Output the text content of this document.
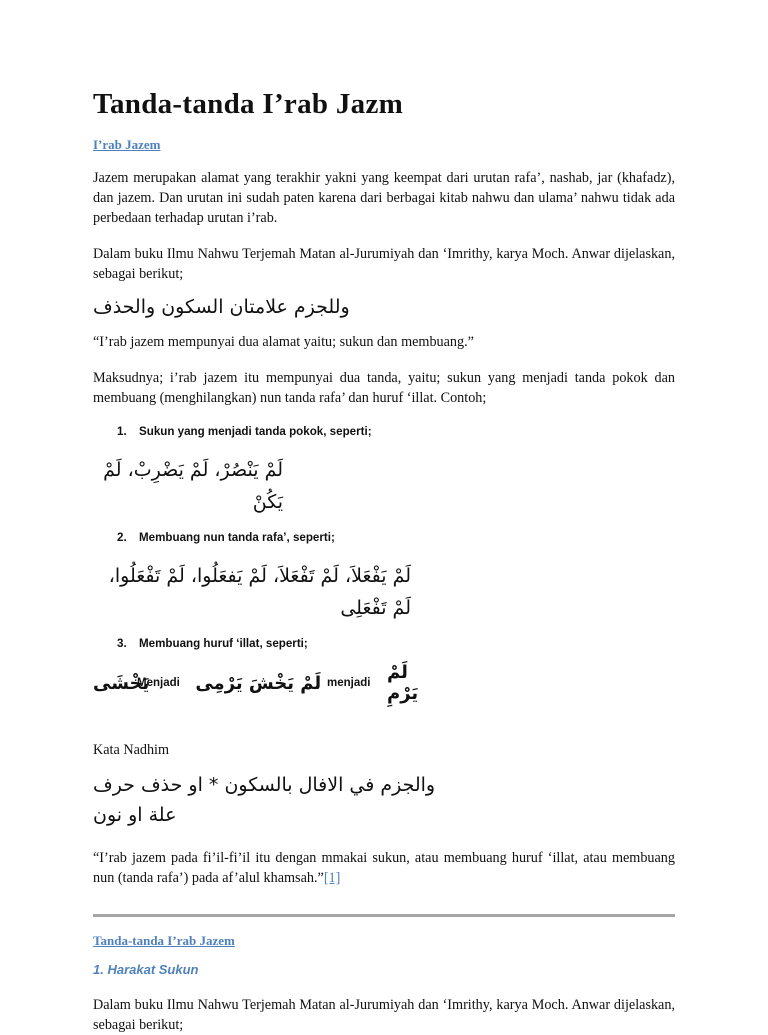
Tanda-tanda I’rab Jazm
I’rab Jazem

Jazem merupakan alamat yang terakhir yakni yang keempat dari urutan rafa’, nashab, jar (khafadz), dan jazem. Dan urutan ini sudah paten karena dari berbagai kitab nahwu dan ulama’ nahwu tidak ada perbedaan terhadap urutan i’rab.

Dalam buku Ilmu Nahwu Terjemah Matan al-Jurumiyah dan ‘Imrithy, karya Moch. Anwar dijelaskan, sebagai berikut;

وللجزم علامتان السكون والحذف

“I’rab jazem mempunyai dua alamat yaitu; sukun dan membuang.”

Maksudnya; i’rab jazem itu mempunyai dua tanda, yaitu; sukun yang menjadi tanda pokok dan membuang (menghilangkan) nun tanda rafa’ dan huruf ‘illat. Contoh;

1. Sukun yang menjadi tanda pokok, seperti;
لَمْ يَنْصُرْ، لَمْ يَضْرِبْ، لَمْ يَكُنْ
2. Membuang nun tanda rafa’, seperti;
لَمْ يَفْعَلاَ، لَمْ تَفْعَلاَ، لَمْ يَفعَلُوا، لَمْ تَفْعَلُوا، لَمْ تَفْعَلِى
3. Membuang huruf ‘illat, seperti;
يَخْشَى
Menjadi يَرْمِى لَمْ يَخْشَ menjadi لَمْ يَرْمِ

Kata Nadhim

والجزم في الافال بالسكون * او حذف حرف علة او نون

“I’rab jazem pada fi’il-fi’il itu dengan mmakai sukun, atau membuang huruf ‘illat, atau membuang nun (tanda rafa’) pada af’alul khamsah.”[1]

Tanda-tanda I’rab Jazem
1. Harakat Sukun

Dalam buku Ilmu Nahwu Terjemah Matan al-Jurumiyah dan ‘Imrithy, karya Moch. Anwar dijelaskan, sebagai berikut;
